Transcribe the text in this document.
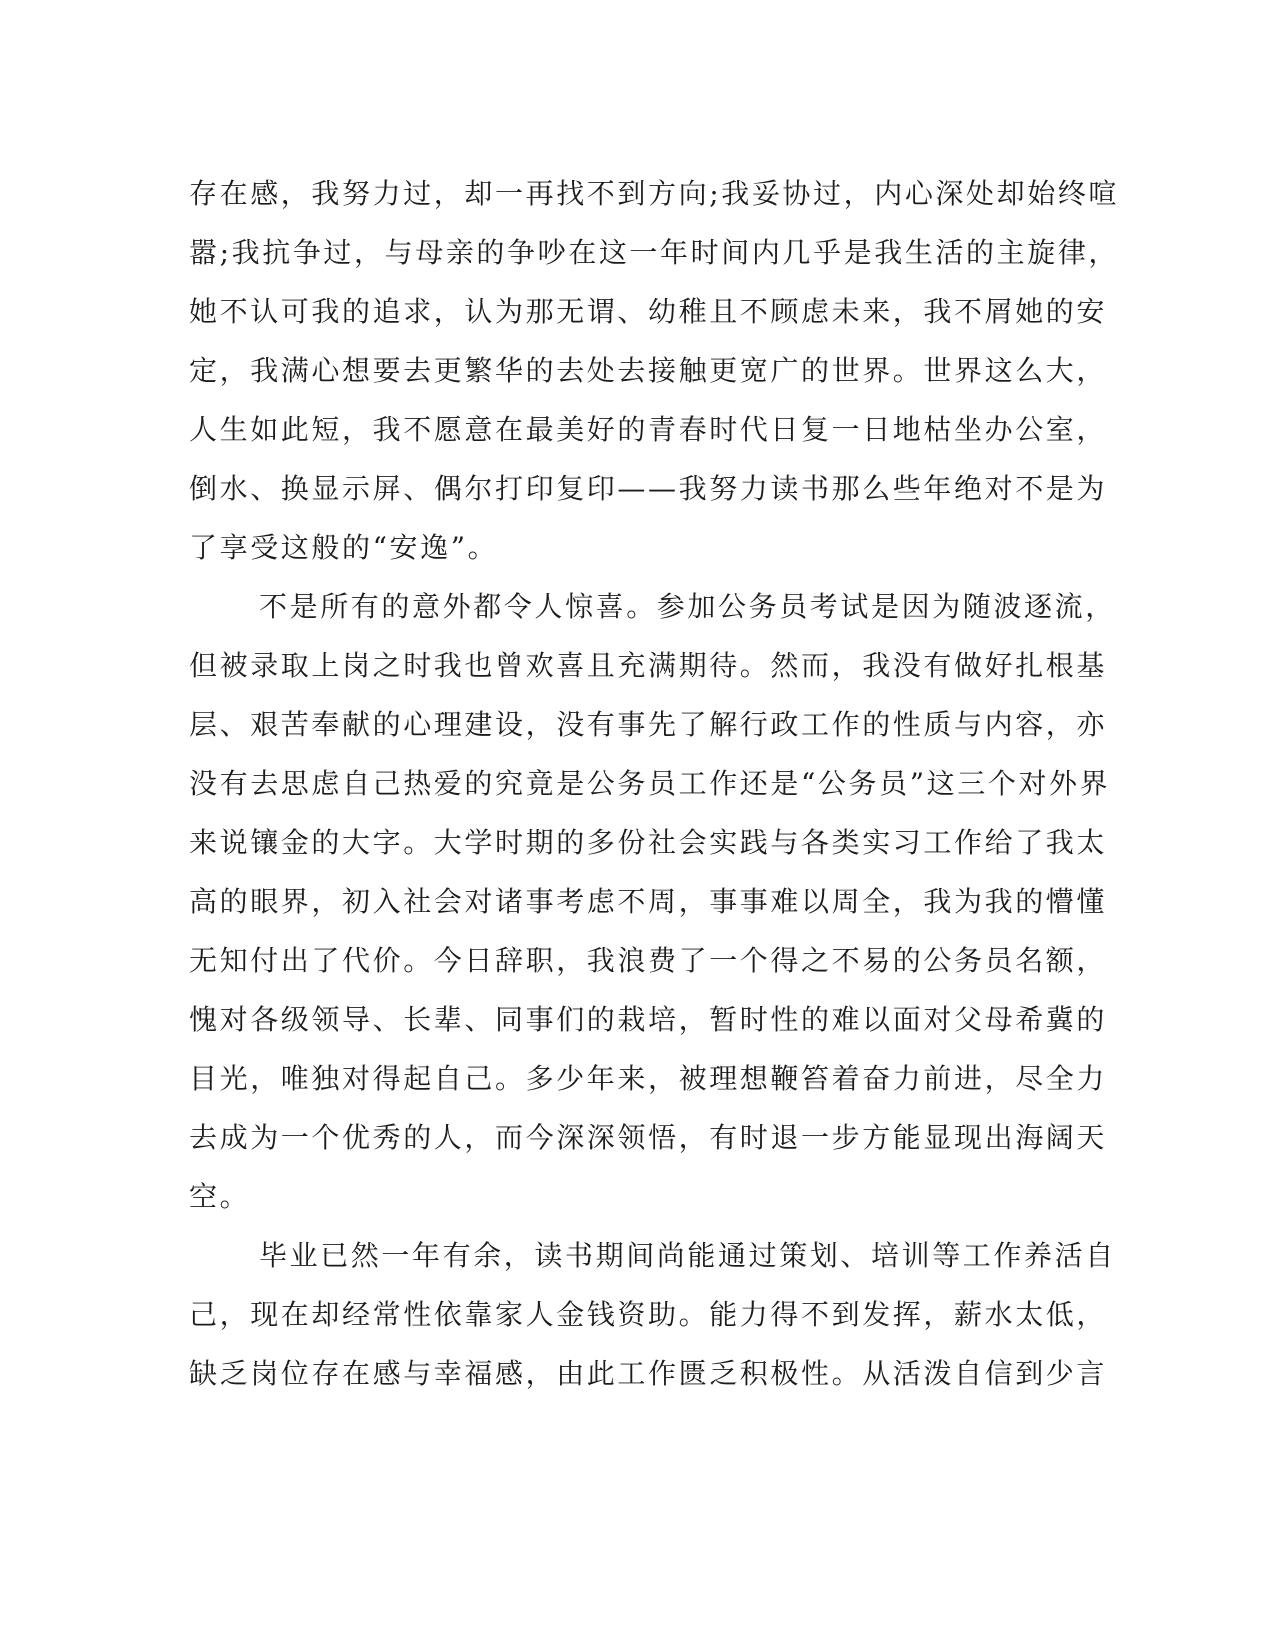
存在感，我努力过，却一再找不到方向;我妥协过，内心深处却始终喧
嚣;我抗争过，与母亲的争吵在这一年时间内几乎是我生活的主旋律，
她不认可我的追求，认为那无谓、幼稚且不顾虑未来，我不屑她的安
定，我满心想要去更繁华的去处去接触更宽广的世界。世界这么大，
人生如此短，我不愿意在最美好的青春时代日复一日地枯坐办公室，
倒水、换显示屏、偶尔打印复印——我努力读书那么些年绝对不是为
了享受这般的“安逸”。
不是所有的意外都令人惊喜。参加公务员考试是因为随波逐流，
但被录取上岗之时我也曾欢喜且充满期待。然而，我没有做好扎根基
层、艰苦奉献的心理建设，没有事先了解行政工作的性质与内容，亦
没有去思虑自己热爱的究竟是公务员工作还是“公务员”这三个对外界
来说镶金的大字。大学时期的多份社会实践与各类实习工作给了我太
高的眼界，初入社会对诸事考虑不周，事事难以周全，我为我的懵懂
无知付出了代价。今日辞职，我浪费了一个得之不易的公务员名额，
愧对各级领导、长辈、同事们的栽培，暂时性的难以面对父母希冀的
目光，唯独对得起自己。多少年来，被理想鞭笞着奋力前进，尽全力
去成为一个优秀的人，而今深深领悟，有时退一步方能显现出海阔天
空。
毕业已然一年有余，读书期间尚能通过策划、培训等工作养活自
己，现在却经常性依靠家人金钱资助。能力得不到发挥，薪水太低，
缺乏岗位存在感与幸福感，由此工作匮乏积极性。从活泼自信到少言
